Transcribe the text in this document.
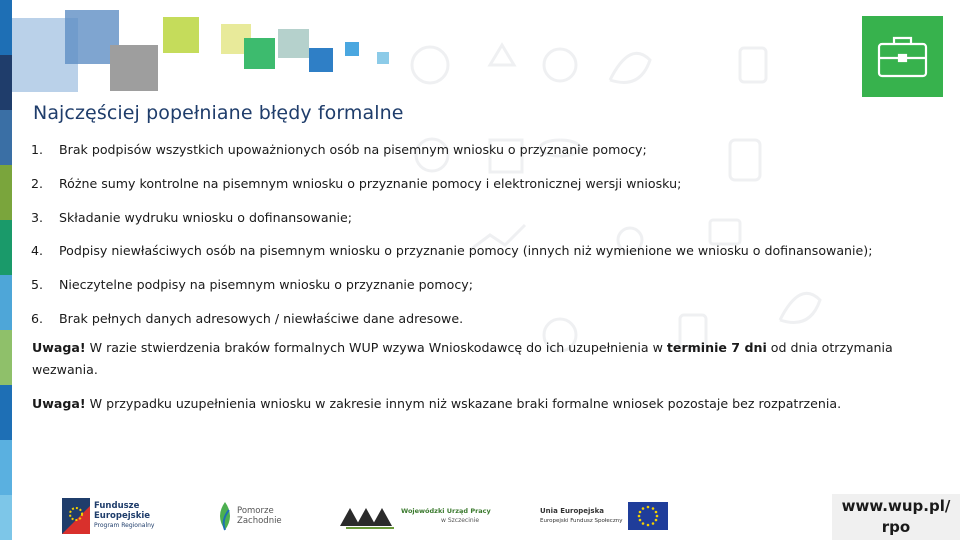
Najczęściej popełniane błędy formalne
1.	Brak podpisów wszystkich upoważnionych osób na pisemnym wniosku o przyznanie pomocy;
2.	Różne sumy kontrolne na pisemnym wniosku o przyznanie pomocy i elektronicznej wersji wniosku;
3.	Składanie wydruku wniosku o dofinansowanie;
4.	Podpisy niewłaściwych osób na pisemnym wniosku o przyznanie pomocy (innych niż wymienione we wniosku o dofinansowanie);
5.	Nieczytelne podpisy na pisemnym wniosku o przyznanie pomocy;
6.	Brak pełnych danych adresowych / niewłaściwe dane adresowe.

Uwaga! W razie stwierdzenia braków formalnych WUP wzywa Wnioskodawcę do ich uzupełnienia w terminie 7 dni od dnia otrzymania wezwania.

Uwaga! W przypadku uzupełnienia wniosku w zakresie innym niż wskazane braki formalne wniosek pozostaje bez rozpatrzenia.

Fundusze
Europejskie
Program Regionalny
Pomorze
Zachodnie
Wojewódzki Urząd Pracy
w Szczecinie
Unia Europejska
Europejski Fundusz Społeczny
www.wup.pl/
rpo
